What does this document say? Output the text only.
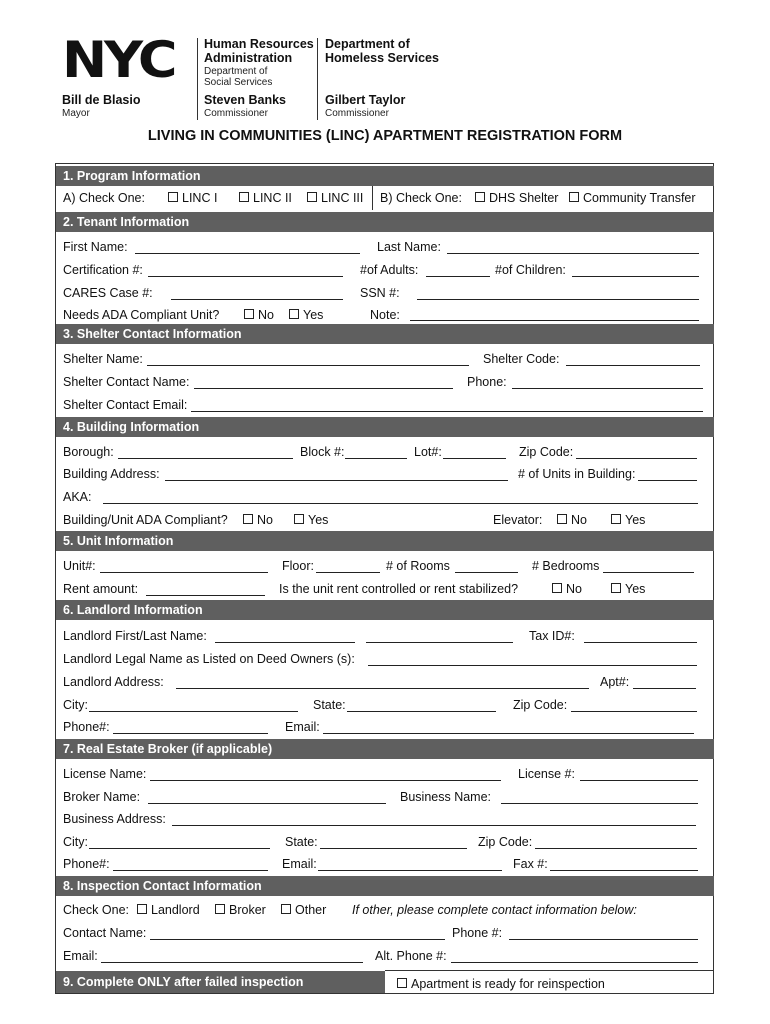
NYC
Bill de Blasio
Mayor
Human Resources
Administration
Department of
Social Services
Steven Banks
Commissioner
Department of
Homeless Services
Gilbert Taylor
Commissioner
LIVING IN COMMUNITIES (LINC) APARTMENT REGISTRATION FORM
1. Program Information
A) Check One:	LINC I	LINC II	LINC III B) Check One:	DHS Shelter	Community Transfer
2. Tenant Information
First Name:	Last Name:
Certification #:	#of Adults:	#of Children:
CARES Case #:	SSN #:
Needs ADA Compliant Unit?	No	Yes	Note:
3. Shelter Contact Information
Shelter Name:	Shelter Code:
Shelter Contact Name:	Phone:
Shelter Contact Email:
4. Building Information
Borough:	Block #:	Lot#:	Zip Code:
Building Address:	# of Units in Building:
AKA:
Building/Unit ADA Compliant?	No	Yes	Elevator:	No	Yes
5. Unit Information
Unit#:	Floor:	# of Rooms	# Bedrooms
Rent amount:	Is the unit rent controlled or rent stabilized?	No	Yes
6. Landlord Information
Landlord First/Last Name:	Tax ID#:
Landlord Legal Name as Listed on Deed Owners (s):
Landlord Address:	Apt#:
City:	State:	Zip Code:
Phone#:	Email:
7. Real Estate Broker (if applicable)
License Name:	License #:
Broker Name:	Business Name:
Business Address:
City:	State:	Zip Code:
Phone#:	Email:	Fax #:
8. Inspection Contact Information
Check One:	Landlord	Broker	Other If other, please complete contact information below:
Contact Name:	Phone #:
Email:	Alt. Phone #:
9. Complete ONLY after failed inspection	Apartment is ready for reinspection
